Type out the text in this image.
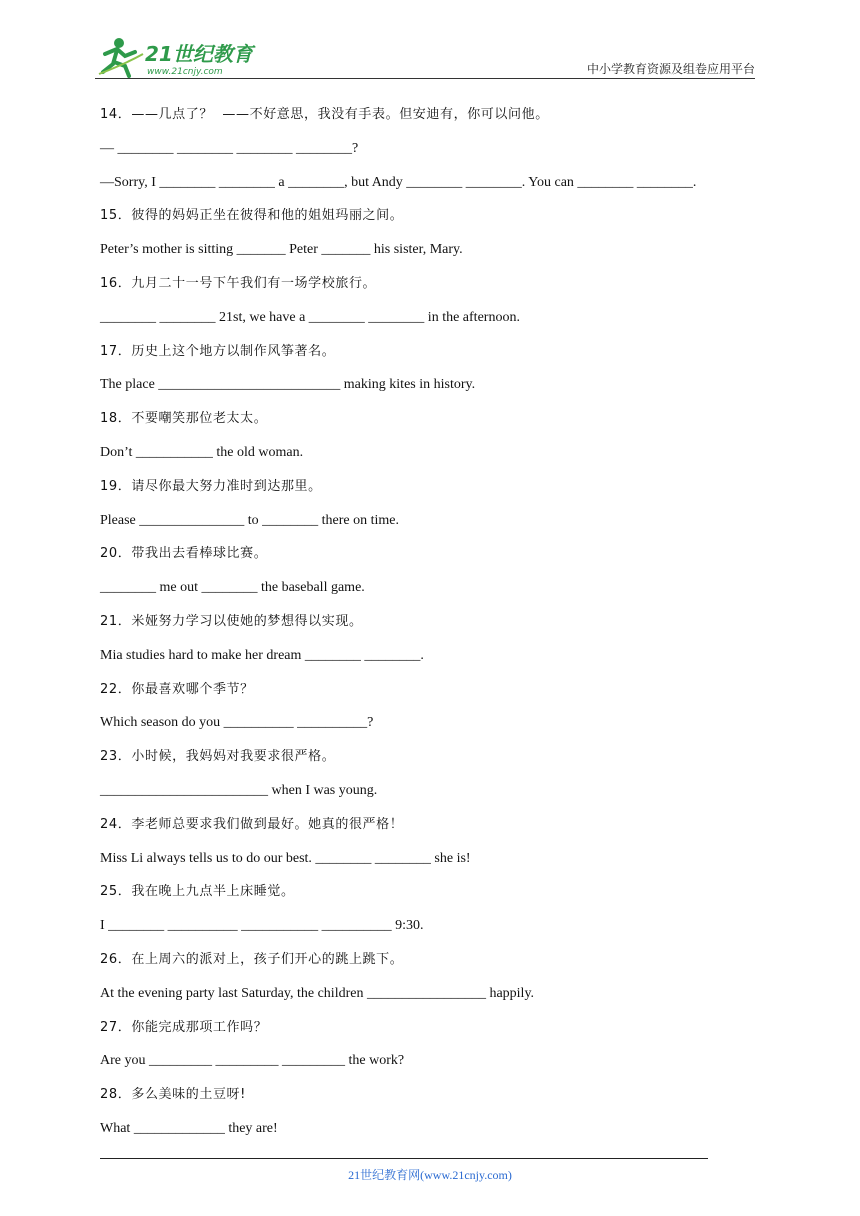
21世纪教育
www.21cnjy.com	中小学教育资源及组卷应用平台
14．——几点了？  ——不好意思，我没有手表。但安迪有，你可以问他。
— ________ ________ ________ ________?
—Sorry, I ________ ________ a ________, but Andy ________ ________. You can ________ ________.
15．彼得的妈妈正坐在彼得和他的姐姐玛丽之间。
Peter’s mother is sitting _______ Peter _______ his sister, Mary.
16．九月二十一号下午我们有一场学校旅行。
________ ________ 21st, we have a ________ ________ in the afternoon.
17．历史上这个地方以制作风筝著名。
The place __________________________ making kites in history.
18．不要嘲笑那位老太太。
Don’t ___________ the old woman.
19．请尽你最大努力准时到达那里。
Please _______________ to ________ there on time.
20．带我出去看棒球比赛。
________ me out ________ the baseball game.
21．米娅努力学习以使她的梦想得以实现。
Mia studies hard to make her dream ________ ________.
22．你最喜欢哪个季节？
Which season do you __________ __________?
23．小时候，我妈妈对我要求很严格。
________________________ when I was young.
24．李老师总要求我们做到最好。她真的很严格！
Miss Li always tells us to do our best. ________ ________ she is!
25．我在晚上九点半上床睡觉。
I ________ __________ ___________ __________ 9:30.
26．在上周六的派对上，孩子们开心的跳上跳下。
At the evening party last Saturday, the children _________________ happily.
27．你能完成那项工作吗？
Are you _________ _________ _________ the work?
28．多么美味的土豆呀!
What _____________ they are!
21世纪教育网(www.21cnjy.com)
